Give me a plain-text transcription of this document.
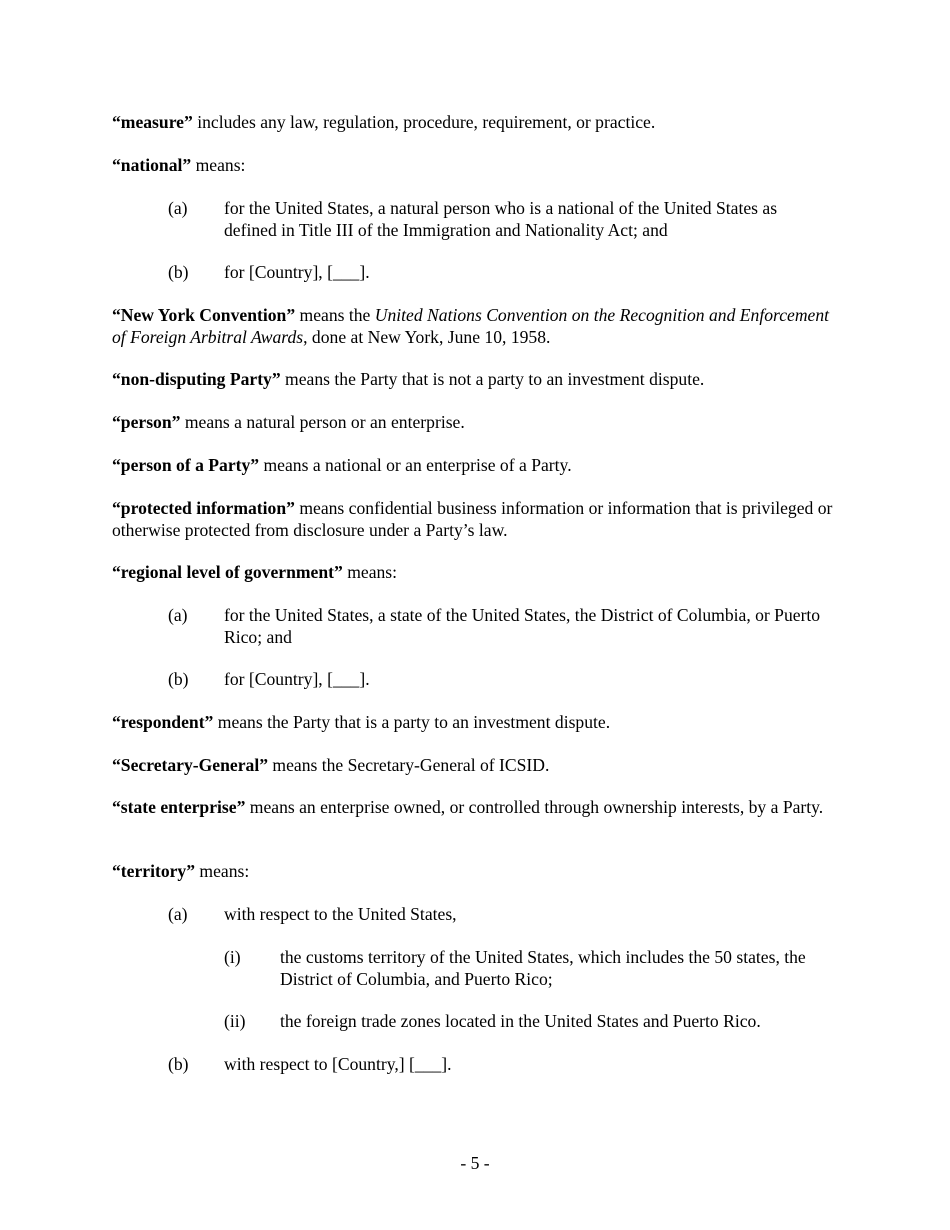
“measure” includes any law, regulation, procedure, requirement, or practice.

“national” means:

(a) for the United States, a natural person who is a national of the United States as defined in Title III of the Immigration and Nationality Act; and
(b) for [Country], [___].

“New York Convention” means the United Nations Convention on the Recognition and Enforcement of Foreign Arbitral Awards, done at New York, June 10, 1958.

“non-disputing Party” means the Party that is not a party to an investment dispute.

“person” means a natural person or an enterprise.

“person of a Party” means a national or an enterprise of a Party.

“protected information” means confidential business information or information that is privileged or otherwise protected from disclosure under a Party’s law.

“regional level of government” means:

(a) for the United States, a state of the United States, the District of Columbia, or Puerto Rico; and
(b) for [Country], [___].

“respondent” means the Party that is a party to an investment dispute.

“Secretary-General” means the Secretary-General of ICSID.

“state enterprise” means an enterprise owned, or controlled through ownership interests, by a Party.

“territory” means:

(a) with respect to the United States,
(i) the customs territory of the United States, which includes the 50 states, the District of Columbia, and Puerto Rico;
(ii) the foreign trade zones located in the United States and Puerto Rico.
(b) with respect to [Country,] [___].
- 5 -
